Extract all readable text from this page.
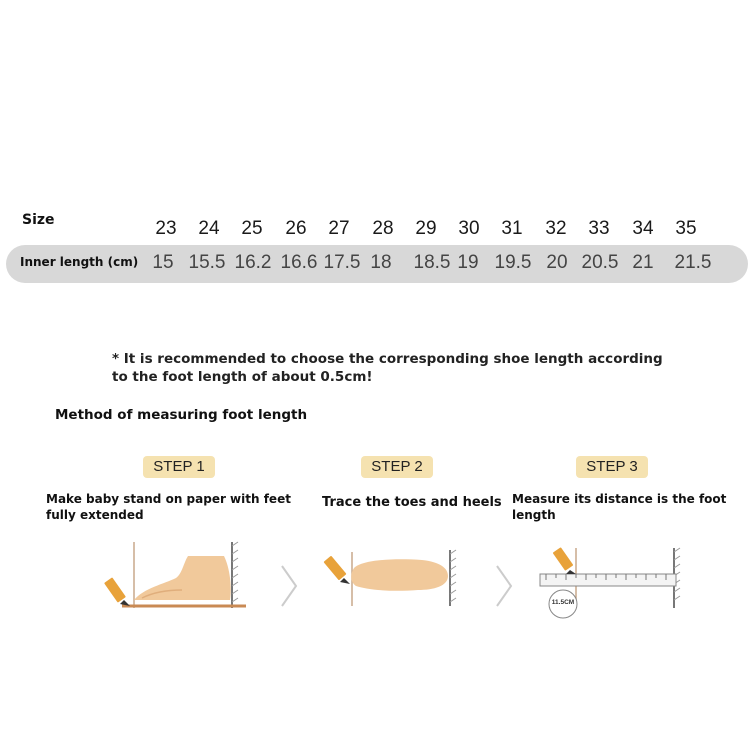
Size	23	24	25	26	27	28	29	30	31	32	33	34	35
Inner length (cm) 15 15.5 16.2 16.6 17.5 18	18.5 19 19.5 20 20.5 21	21.5
* It is recommended to choose the corresponding shoe length according to the foot length of about 0.5cm!
Method of measuring foot length
STEP 1	STEP 2	STEP 3
Make baby stand on paper with feet fully extended
Trace the toes and heels Measure its distance is the foot length
11.5CM
